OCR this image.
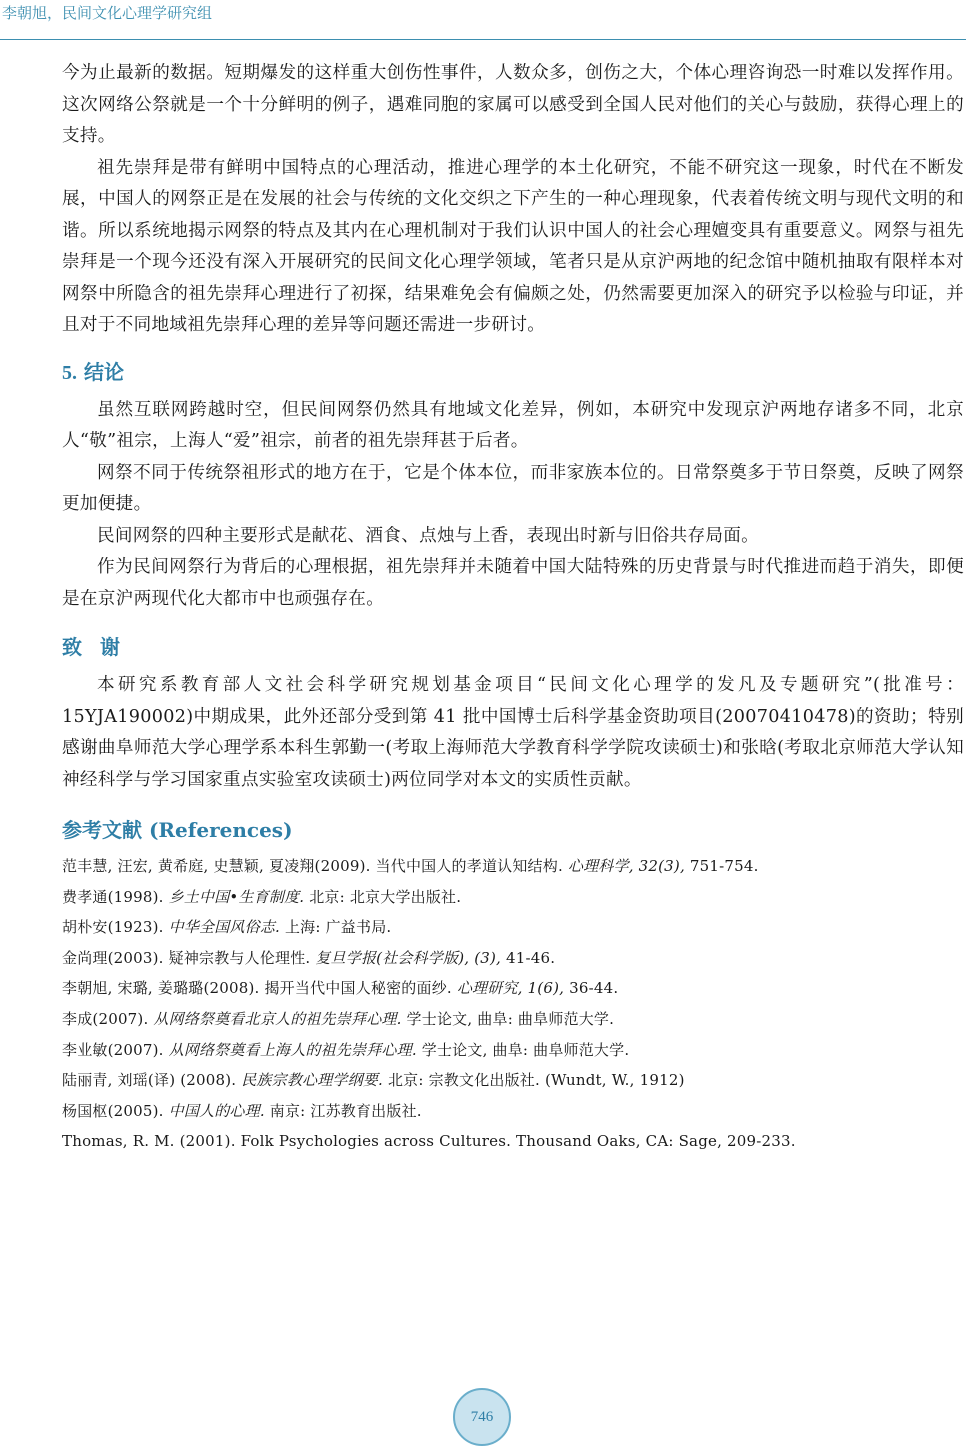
李朝旭，民间文化心理学研究组

今为止最新的数据。短期爆发的这样重大创伤性事件，人数众多，创伤之大，个体心理咨询恐一时难以发挥作用。这次网络公祭就是一个十分鲜明的例子，遇难同胞的家属可以感受到全国人民对他们的关心与鼓励，获得心理上的支持。

祖先崇拜是带有鲜明中国特点的心理活动，推进心理学的本土化研究，不能不研究这一现象，时代在不断发展，中国人的网祭正是在发展的社会与传统的文化交织之下产生的一种心理现象，代表着传统文明与现代文明的和谐。所以系统地揭示网祭的特点及其内在心理机制对于我们认识中国人的社会心理嬗变具有重要意义。网祭与祖先崇拜是一个现今还没有深入开展研究的民间文化心理学领域，笔者只是从京沪两地的纪念馆中随机抽取有限样本对网祭中所隐含的祖先崇拜心理进行了初探，结果难免会有偏颇之处，仍然需要更加深入的研究予以检验与印证，并且对于不同地域祖先崇拜心理的差异等问题还需进一步研讨。

5. 结论

虽然互联网跨越时空，但民间网祭仍然具有地域文化差异，例如，本研究中发现京沪两地存诸多不同，北京人“敬”祖宗，上海人“爱”祖宗，前者的祖先崇拜甚于后者。

网祭不同于传统祭祖形式的地方在于，它是个体本位，而非家族本位的。日常祭奠多于节日祭奠，反映了网祭更加便捷。

民间网祭的四种主要形式是献花、酒食、点烛与上香，表现出时新与旧俗共存局面。

作为民间网祭行为背后的心理根据，祖先崇拜并未随着中国大陆特殊的历史背景与时代推进而趋于消失，即便是在京沪两现代化大都市中也顽强存在。

致谢

本研究系教育部人文社会科学研究规划基金项目“民间文化心理学的发凡及专题研究”(批准号：15YJA190002)中期成果，此外还部分受到第 41 批中国博士后科学基金资助项目(20070410478)的资助；特别感谢曲阜师范大学心理学系本科生郭勤一(考取上海师范大学教育科学学院攻读硕士)和张晗(考取北京师范大学认知神经科学与学习国家重点实验室攻读硕士)两位同学对本文的实质性贡献。

参考文献 (References)
范丰慧, 汪宏, 黄希庭, 史慧颖, 夏凌翔(2009). 当代中国人的孝道认知结构. 心理科学, 32(3), 751-754.
费孝通(1998). 乡土中国•生育制度. 北京: 北京大学出版社.
胡朴安(1923). 中华全国风俗志. 上海: 广益书局.
金尚理(2003). 疑神宗教与人伦理性. 复旦学报(社会科学版), (3), 41-46.
李朝旭, 宋璐, 姜璐璐(2008). 揭开当代中国人秘密的面纱. 心理研究, 1(6), 36-44.
李成(2007). 从网络祭奠看北京人的祖先崇拜心理. 学士论文, 曲阜: 曲阜师范大学.
李业敏(2007). 从网络祭奠看上海人的祖先崇拜心理. 学士论文, 曲阜: 曲阜师范大学.
陆丽青, 刘瑶(译) (2008). 民族宗教心理学纲要. 北京: 宗教文化出版社. (Wundt, W., 1912)
杨国枢(2005). 中国人的心理. 南京: 江苏教育出版社.
Thomas, R. M. (2001). Folk Psychologies across Cultures. Thousand Oaks, CA: Sage, 209-233.
746
